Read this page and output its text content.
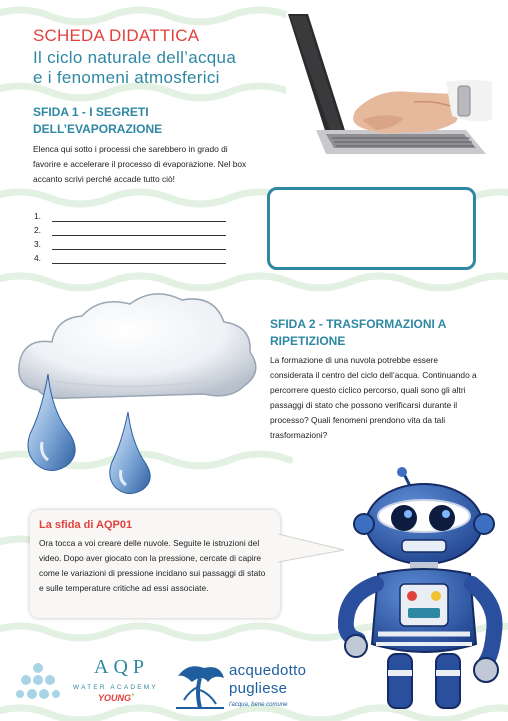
SCHEDA DIDATTICA
Il ciclo naturale dell’acqua
e i fenomeni atmosferici
SFIDA 1 - I SEGRETI
DELL’EVAPORAZIONE
Elenca qui sotto i processi che sarebbero in grado di favorire e accelerare il processo di evaporazione. Nel box accanto scrivi perché accade tutto ciò!
1.
2.
3.
4.
SFIDA 2 - TRASFORMAZIONI A RIPETIZIONE
La formazione di una nuvola potrebbe essere considerata il centro del ciclo dell’acqua. Continuando a percorrere questo ciclico percorso, quali sono gli altri passaggi di stato che possono verificarsi durante il processo? Quali fenomeni prendono vita da tali trasformazioni?
La sfida di AQP01
Ora tocca a voi creare delle nuvole. Seguite le istruzioni del video. Dopo aver giocato con la pressione, cercate di capire come le variazioni di pressione incidano sui passaggi di stato e sulle temperature critiche ad essi associate.
AQP
WATER ACADEMY
YOUNG+
acquedotto
pugliese
l'acqua, bene comune
